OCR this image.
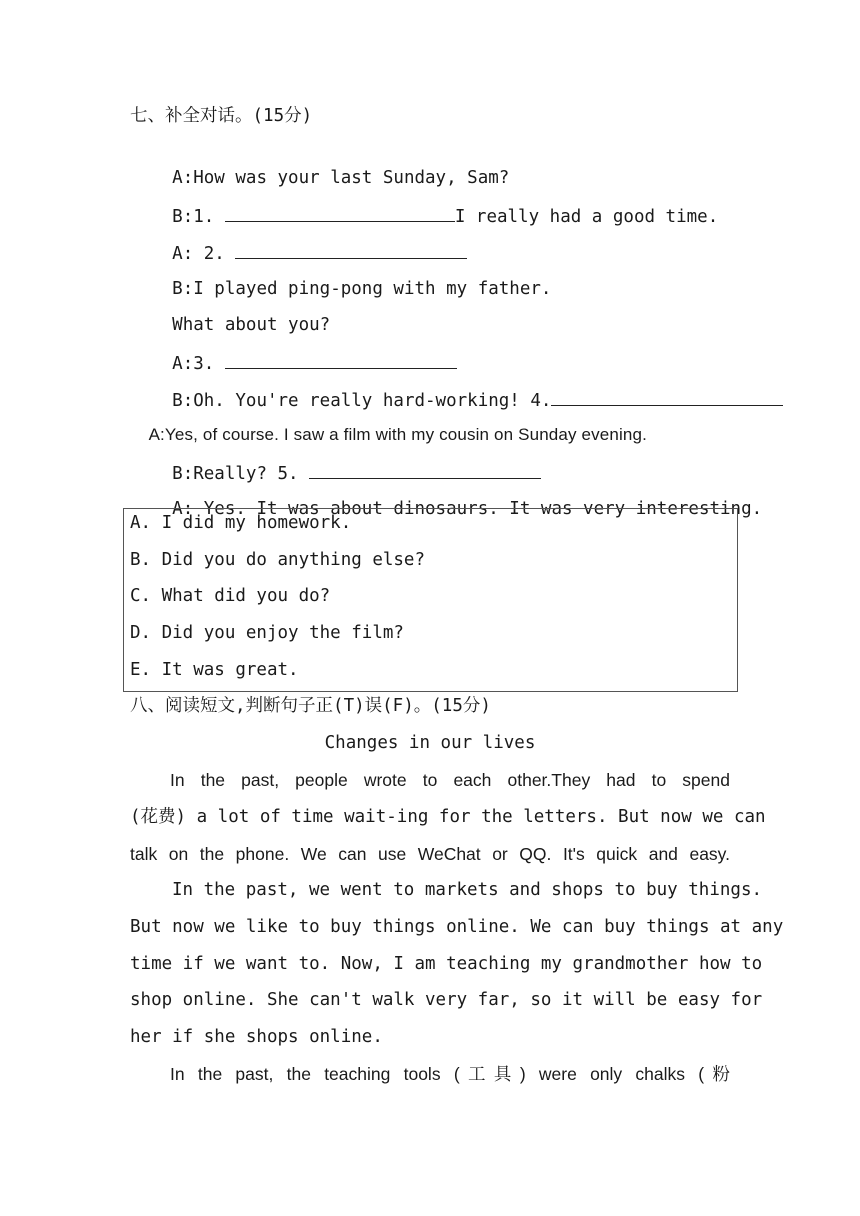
七、补全对话。(15分)

A:How was your last Sunday, Sam?

B:1.	I really had a good time.

A: 2.

B:I played ping-pong with my father.

What about you?

A:3.

B:Oh. You're really hard-working! 4.

A:Yes, of course. I saw a film with my cousin on Sunday evening.

B:Really? 5.

A: Yes. It was about dinosaurs. It was very interesting.

A. I did my homework.
B. Did you do anything else?
C. What did you do?
D. Did you enjoy the film?
E. It was great.
八、阅读短文,判断句子正(T)误(F)。(15分)
Changes in our lives
In the past, people wrote to each other.They had to spend
(花费) a lot of time wait-ing for the letters. But now we can
talk on the phone. We can use WeChat or QQ. It's quick and easy.
In the past, we went to markets and shops to buy things.
But now we like to buy things online. We can buy things at any
time if we want to. Now, I am teaching my grandmother how to
shop online. She can't walk very far, so it will be easy for
her if she shops online.
In the past, the teaching tools (工具) were only chalks (粉
